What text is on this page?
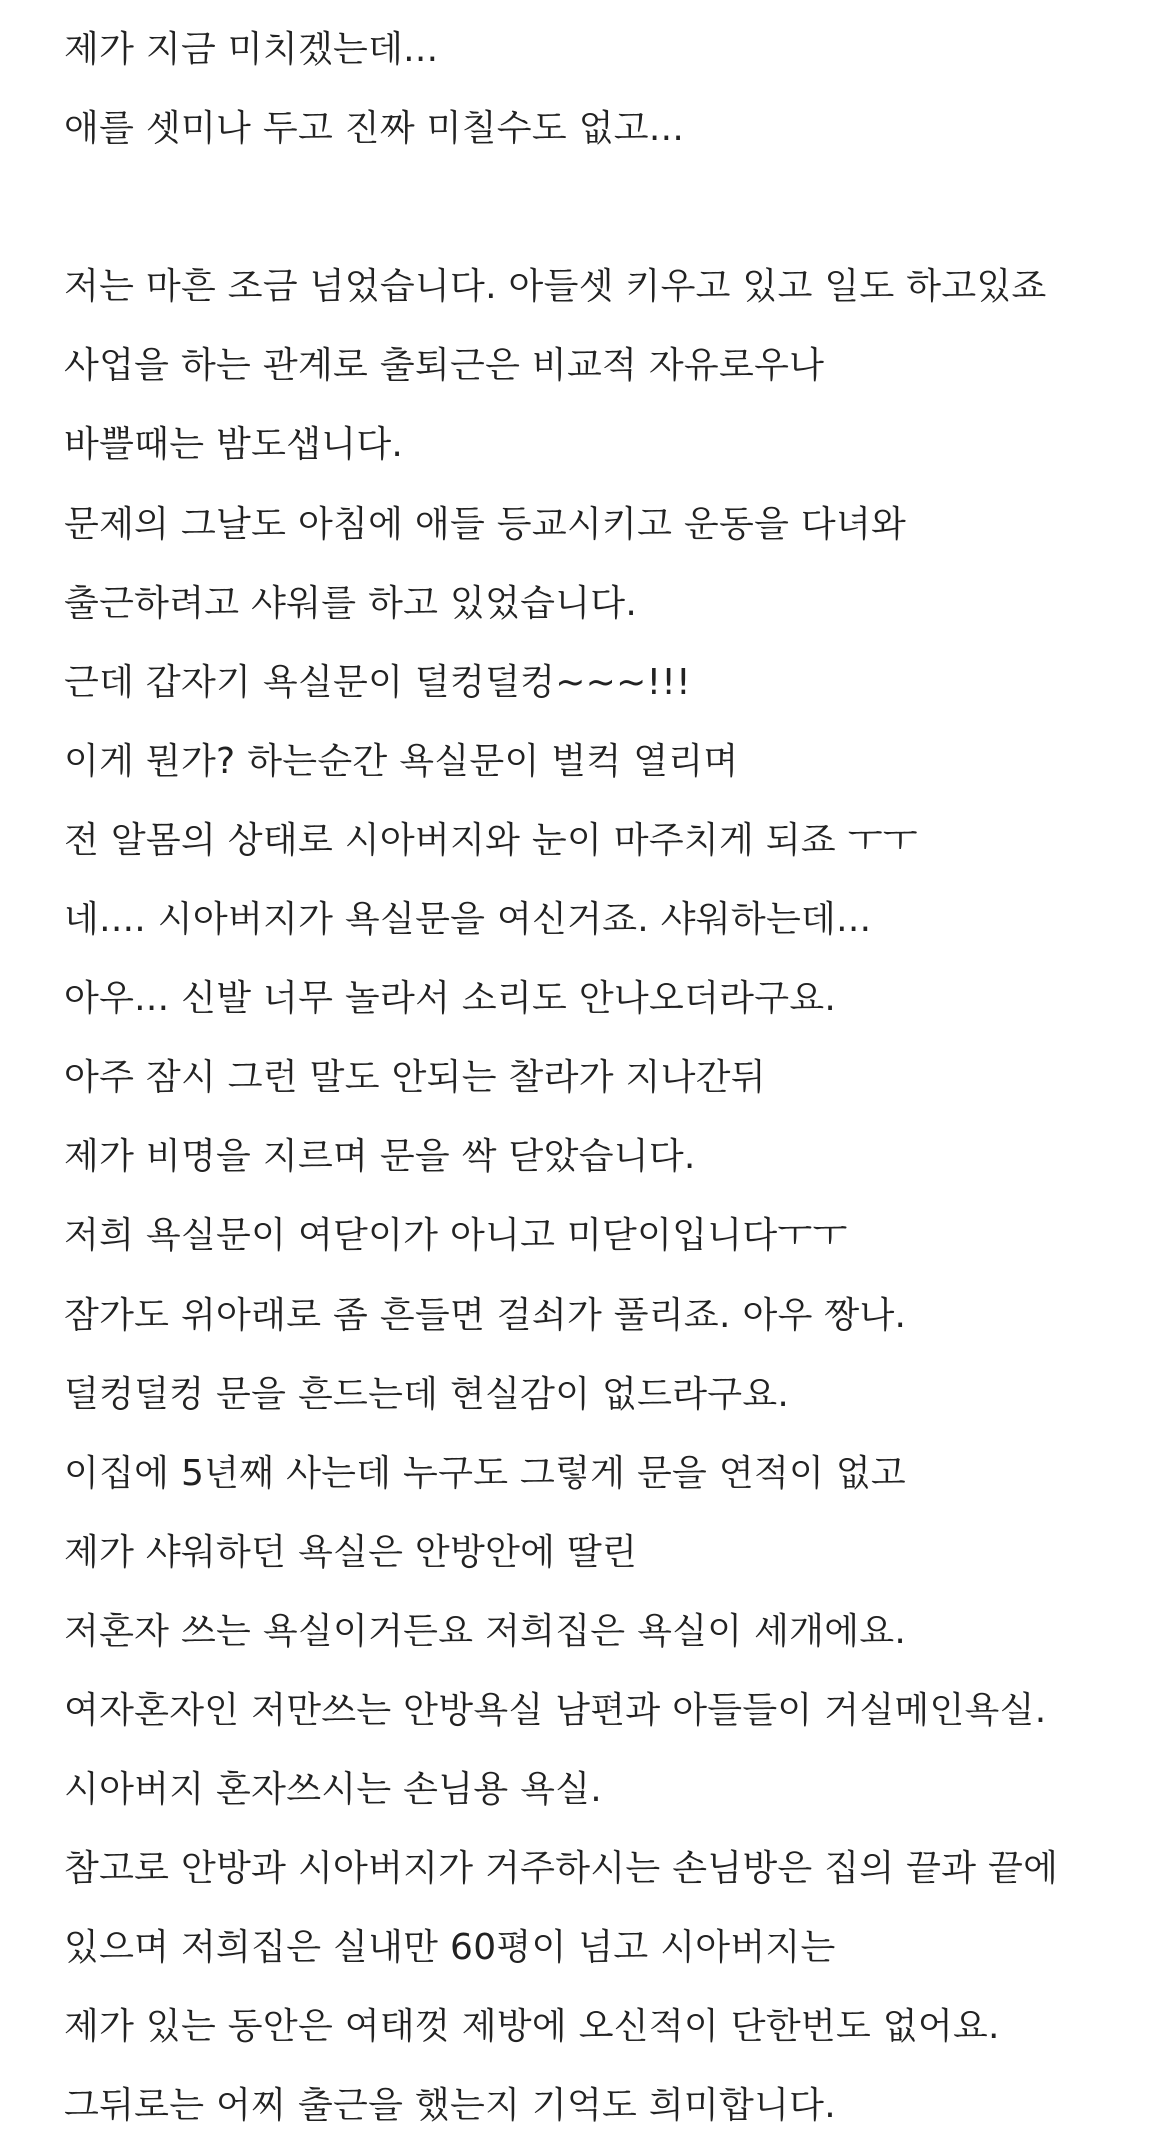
제가 지금 미치겠는데...
애를 셋미나 두고 진짜 미칠수도 없고...
저는 마흔 조금 넘었습니다. 아들셋 키우고 있고 일도 하고있죠
사업을 하는 관계로 출퇴근은 비교적 자유로우나
바쁠때는 밤도샙니다.
문제의 그날도 아침에 애들 등교시키고 운동을 다녀와
출근하려고 샤워를 하고 있었습니다.
근데 갑자기 욕실문이 덜컹덜컹~~~!!!
이게 뭔가? 하는순간 욕실문이 벌컥 열리며
전 알몸의 상태로 시아버지와 눈이 마주치게 되죠 ㅜㅜ
네.... 시아버지가 욕실문을 여신거죠. 샤워하는데...
아우... 신발 너무 놀라서 소리도 안나오더라구요.
아주 잠시 그런 말도 안되는 찰라가 지나간뒤
제가 비명을 지르며 문을 싹 닫았습니다.
저희 욕실문이 여닫이가 아니고 미닫이입니다ㅜㅜ
잠가도 위아래로 좀 흔들면 걸쇠가 풀리죠. 아우 짱나.
덜컹덜컹 문을 흔드는데 현실감이 없드라구요.
이집에 5년째 사는데 누구도 그렇게 문을 연적이 없고
제가 샤워하던 욕실은 안방안에 딸린
저혼자 쓰는 욕실이거든요 저희집은 욕실이 세개에요.
여자혼자인 저만쓰는 안방욕실 남편과 아들들이 거실메인욕실.
시아버지 혼자쓰시는 손님용 욕실.
참고로 안방과 시아버지가 거주하시는 손님방은 집의 끝과 끝에
있으며 저희집은 실내만 60평이 넘고 시아버지는
제가 있는 동안은 여태껏 제방에 오신적이 단한번도 없어요.
그뒤로는 어찌 출근을 했는지 기억도 희미합니다.
